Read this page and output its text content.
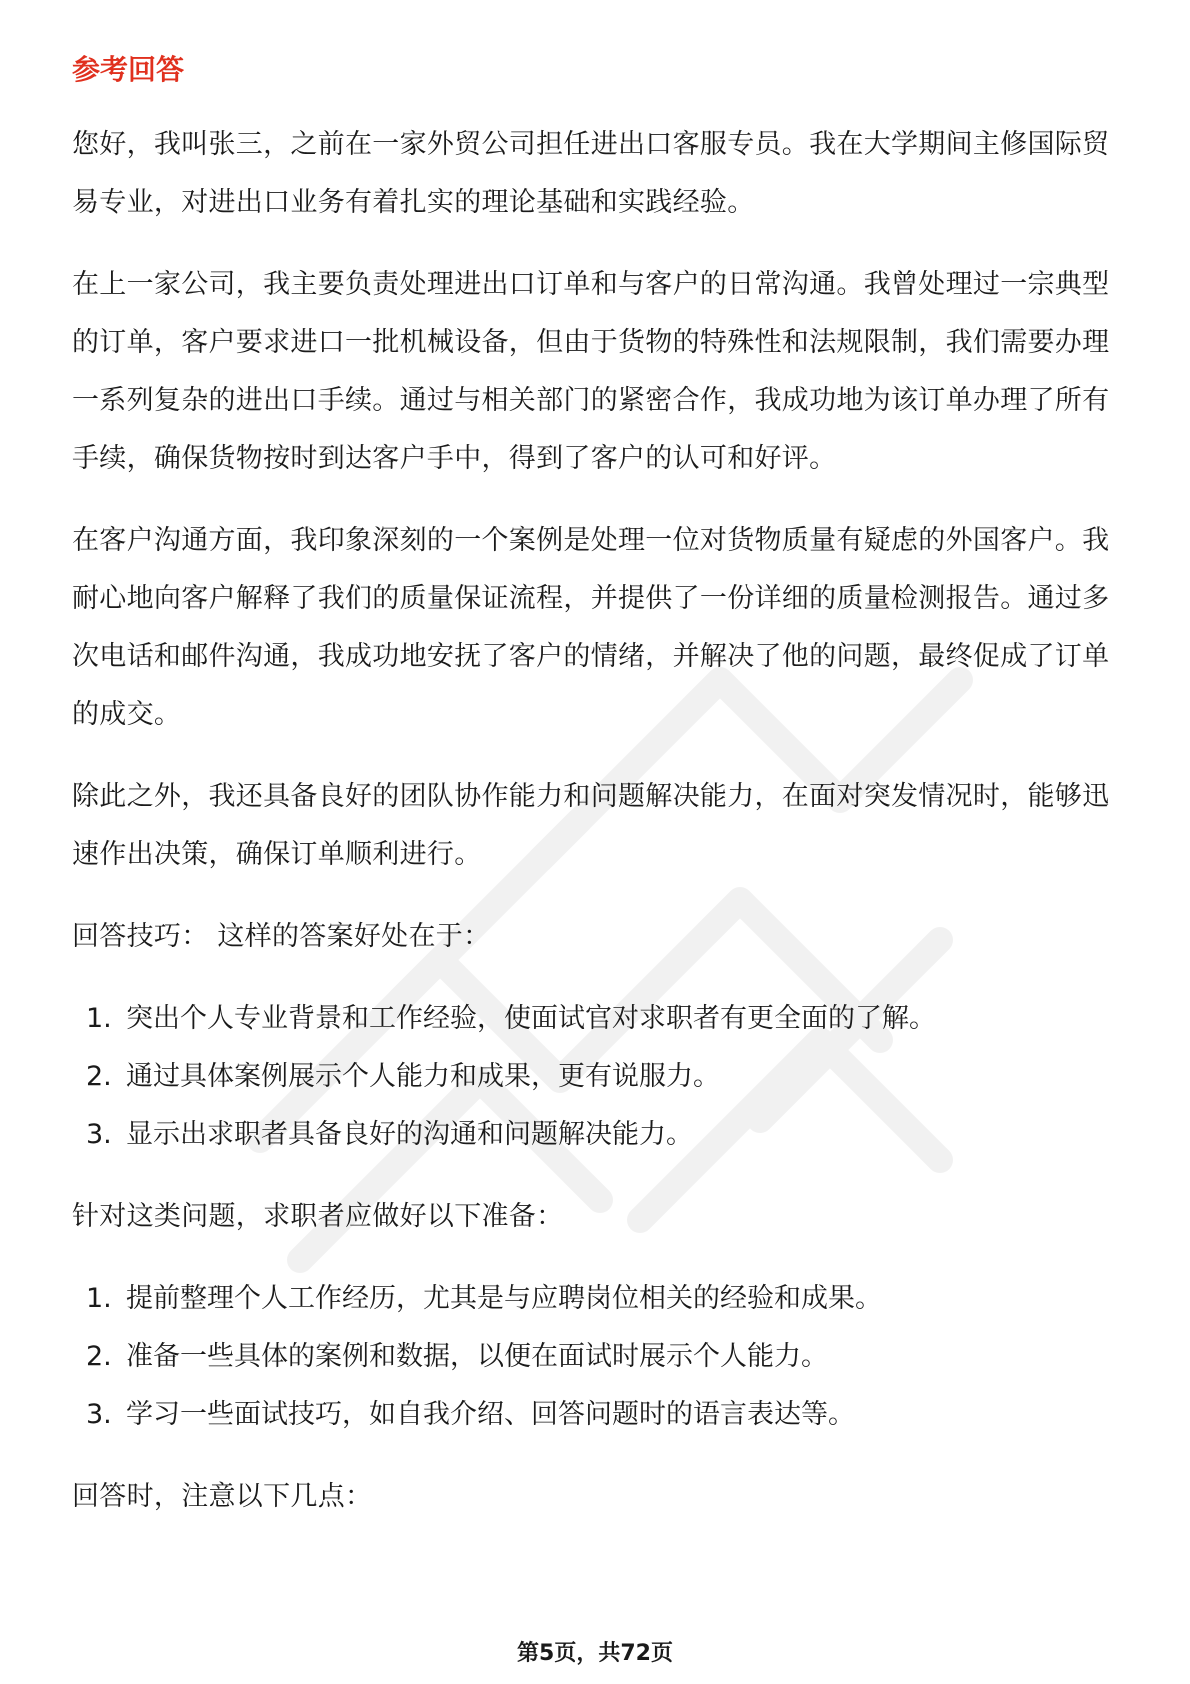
参考回答

您好，我叫张三，之前在一家外贸公司担任进出口客服专员。我在大学期间主修国际贸易专业，对进出口业务有着扎实的理论基础和实践经验。

在上一家公司，我主要负责处理进出口订单和与客户的日常沟通。我曾处理过一宗典型的订单，客户要求进口一批机械设备，但由于货物的特殊性和法规限制，我们需要办理一系列复杂的进出口手续。通过与相关部门的紧密合作，我成功地为该订单办理了所有手续，确保货物按时到达客户手中，得到了客户的认可和好评。

在客户沟通方面，我印象深刻的一个案例是处理一位对货物质量有疑虑的外国客户。我耐心地向客户解释了我们的质量保证流程，并提供了一份详细的质量检测报告。通过多次电话和邮件沟通，我成功地安抚了客户的情绪，并解决了他的问题，最终促成了订单的成交。

除此之外，我还具备良好的团队协作能力和问题解决能力，在面对突发情况时，能够迅速作出决策，确保订单顺利进行。

回答技巧： 这样的答案好处在于：

1. 突出个人专业背景和工作经验，使面试官对求职者有更全面的了解。
2. 通过具体案例展示个人能力和成果，更有说服力。
3. 显示出求职者具备良好的沟通和问题解决能力。

针对这类问题，求职者应做好以下准备：

1. 提前整理个人工作经历，尤其是与应聘岗位相关的经验和成果。
2. 准备一些具体的案例和数据，以便在面试时展示个人能力。
3. 学习一些面试技巧，如自我介绍、回答问题时的语言表达等。

回答时，注意以下几点：

第5页，共72页
